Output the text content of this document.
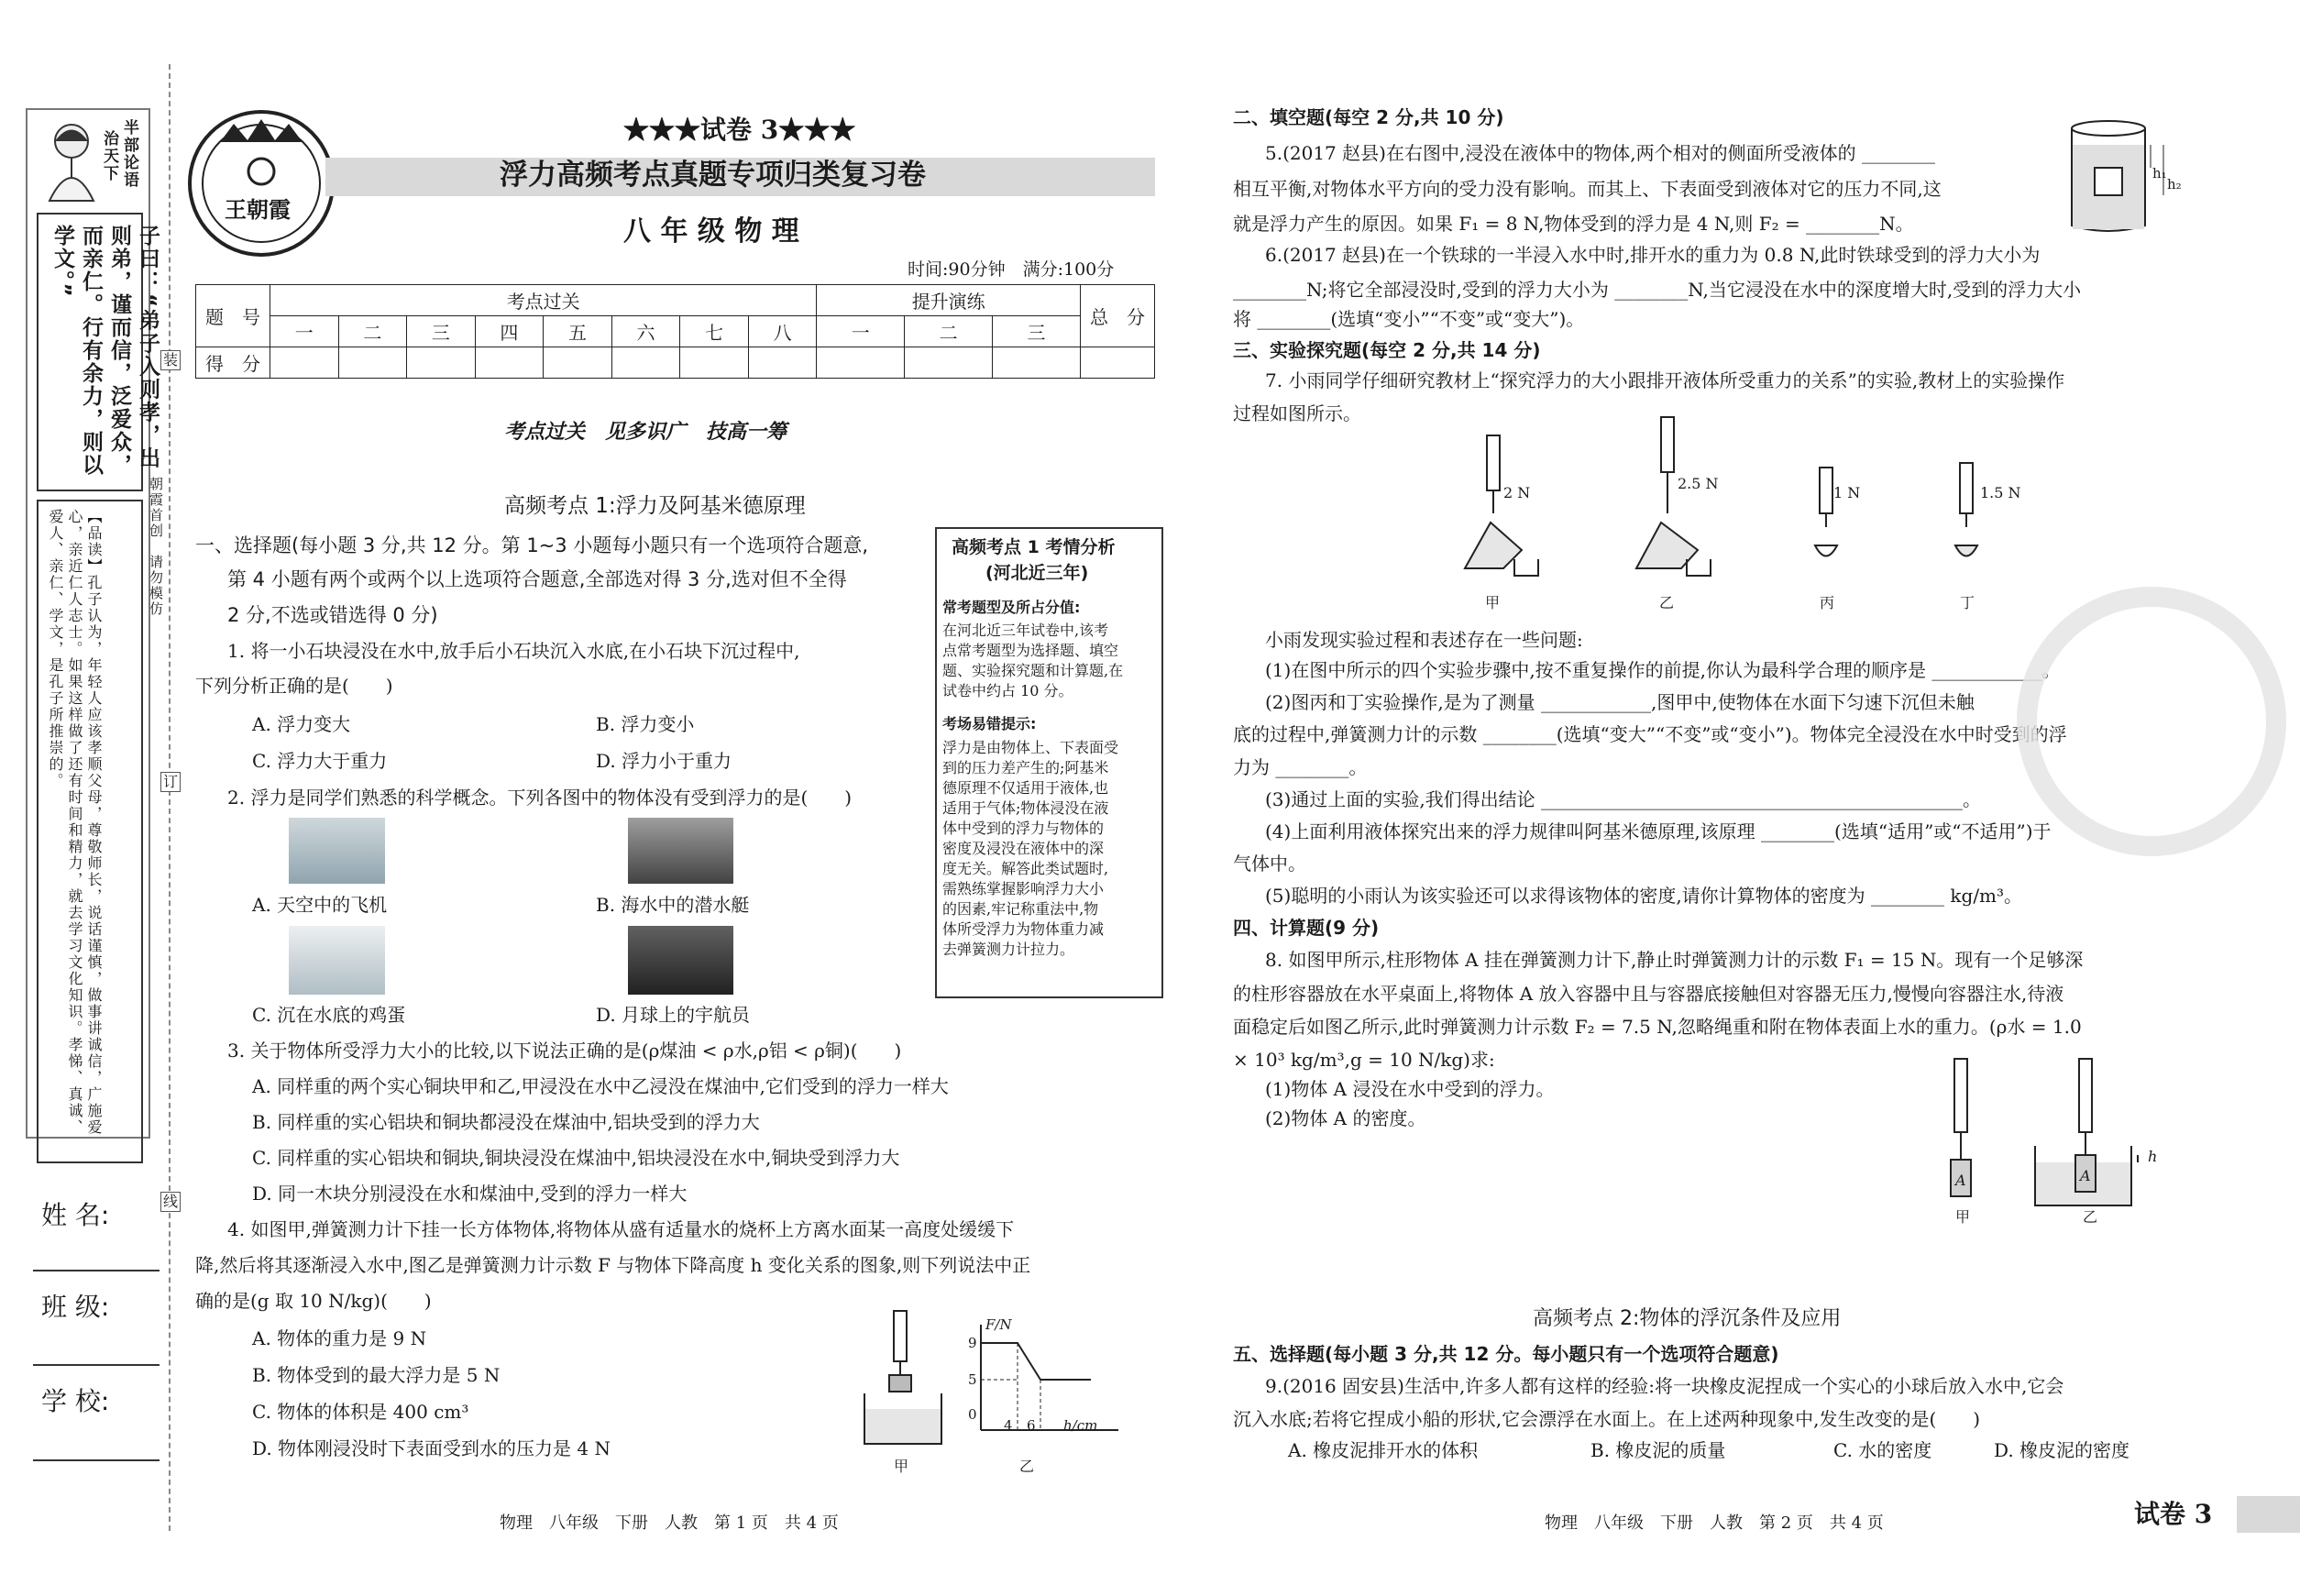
半部论语
治天下
子曰：“弟子入则孝，出则弟，谨而信，泛爱众，而亲仁。行有余力，则以学文。”
【品读】孔子认为，年轻人应该孝顺父母，尊敬师长，说话谨慎，做事讲诚信，广施爱心，亲近仁人志士。如果这样做了还有时间和精力，就去学习文化知识。孝悌、真诚、爱人、亲仁、学文，是孔子所推崇的。
装
订
线
朝霞首创　请勿模仿
姓 名:
班 级:
学 校:
王朝霞
★★★试卷 3★★★
浮力高频考点真题专项归类复习卷
八 年 级 物 理
时间:90分钟　满分:100分
题　号	考点过关								提升演练			总　分
	一	二	三	四	五	六	七	八	一	二	三	
得　分												
考点过关　见多识广　技高一筹
高频考点 1:浮力及阿基米德原理
一、选择题(每小题 3 分,共 12 分。第 1~3 小题每小题只有一个选项符合题意,
第 4 小题有两个或两个以上选项符合题意,全部选对得 3 分,选对但不全得
2 分,不选或错选得 0 分)
1. 将一小石块浸没在水中,放手后小石块沉入水底,在小石块下沉过程中,
下列分析正确的是(　　)
A. 浮力变大	B. 浮力变小
C. 浮力大于重力	D. 浮力小于重力
2. 浮力是同学们熟悉的科学概念。下列各图中的物体没有受到浮力的是(　　)
A. 天空中的飞机	B. 海水中的潜水艇
C. 沉在水底的鸡蛋	D. 月球上的宇航员
3. 关于物体所受浮力大小的比较,以下说法正确的是(ρ煤油 < ρ水,ρ铝 < ρ铜)(　　)
A. 同样重的两个实心铜块甲和乙,甲浸没在水中乙浸没在煤油中,它们受到的浮力一样大
B. 同样重的实心铝块和铜块都浸没在煤油中,铝块受到的浮力大
C. 同样重的实心铝块和铜块,铜块浸没在煤油中,铝块浸没在水中,铜块受到浮力大
D. 同一木块分别浸没在水和煤油中,受到的浮力一样大
4. 如图甲,弹簧测力计下挂一长方体物体,将物体从盛有适量水的烧杯上方离水面某一高度处缓缓下
降,然后将其逐渐浸入水中,图乙是弹簧测力计示数 F 与物体下降高度 h 变化关系的图象,则下列说法中正
确的是(g 取 10 N/kg)(　　)
A. 物体的重力是 9 N
B. 物体受到的最大浮力是 5 N
C. 物体的体积是 400 cm³
D. 物体刚浸没时下表面受到水的压力是 4 N
甲
F/N
h/cm
9
5
0
4 6
乙
物理　八年级　下册　人教　第 1 页　共 4 页
高频考点 1 考情分析
(河北近三年)
常考题型及所占分值:
在河北近三年试卷中,该考
点常考题型为选择题、填空
题、实验探究题和计算题,在
试卷中约占 10 分。
考场易错提示:
浮力是由物体上、下表面受
到的压力差产生的;阿基米
德原理不仅适用于液体,也
适用于气体;物体浸没在液
体中受到的浮力与物体的
密度及浸没在液体中的深
度无关。解答此类试题时,
需熟练掌握影响浮力大小
的因素,牢记称重法中,物
体所受浮力为物体重力减
去弹簧测力计拉力。
二、填空题(每空 2 分,共 10 分)
5.(2017 赵县)在右图中,浸没在液体中的物体,两个相对的侧面所受液体的 ________
相互平衡,对物体水平方向的受力没有影响。而其上、下表面受到液体对它的压力不同,这
就是浮力产生的原因。如果 F₁ = 8 N,物体受到的浮力是 4 N,则 F₂ = ________N。
h₁
h₂
6.(2017 赵县)在一个铁球的一半浸入水中时,排开水的重力为 0.8 N,此时铁球受到的浮力大小为
________N;将它全部浸没时,受到的浮力大小为 ________N,当它浸没在水中的深度增大时,受到的浮力大小
将 ________(选填“变小”“不变”或“变大”)。
三、实验探究题(每空 2 分,共 14 分)
7. 小雨同学仔细研究教材上“探究浮力的大小跟排开液体所受重力的关系”的实验,教材上的实验操作
过程如图所示。
2 N
2.5 N
1 N	1.5 N
甲	乙	丙	丁
小雨发现实验过程和表述存在一些问题:
(1)在图中所示的四个实验步骤中,按不重复操作的前提,你认为最科学合理的顺序是 ____________。
(2)图丙和丁实验操作,是为了测量 ____________,图甲中,使物体在水面下匀速下沉但未触
底的过程中,弹簧测力计的示数 ________(选填“变大”“不变”或“变小”)。物体完全浸没在水中时受到的浮
力为 ________。
(3)通过上面的实验,我们得出结论 ______________________________________________。
(4)上面利用液体探究出来的浮力规律叫阿基米德原理,该原理 ________(选填“适用”或“不适用”)于
气体中。
(5)聪明的小雨认为该实验还可以求得该物体的密度,请你计算物体的密度为 ________ kg/m³。
四、计算题(9 分)
8. 如图甲所示,柱形物体 A 挂在弹簧测力计下,静止时弹簧测力计的示数 F₁ = 15 N。现有一个足够深
的柱形容器放在水平桌面上,将物体 A 放入容器中且与容器底接触但对容器无压力,慢慢向容器注水,待液
面稳定后如图乙所示,此时弹簧测力计示数 F₂ = 7.5 N,忽略绳重和附在物体表面上水的重力。(ρ水 = 1.0
× 10³ kg/m³,g = 10 N/kg)求:
(1)物体 A 浸没在水中受到的浮力。
(2)物体 A 的密度。
A	A
h
甲	乙
高频考点 2:物体的浮沉条件及应用
五、选择题(每小题 3 分,共 12 分。每小题只有一个选项符合题意)
9.(2016 固安县)生活中,许多人都有这样的经验:将一块橡皮泥捏成一个实心的小球后放入水中,它会
沉入水底;若将它捏成小船的形状,它会漂浮在水面上。在上述两种现象中,发生改变的是(　　)
A. 橡皮泥排开水的体积	B. 橡皮泥的质量	C. 水的密度	D. 橡皮泥的密度
物理　八年级　下册　人教　第 2 页　共 4 页	试卷 3
